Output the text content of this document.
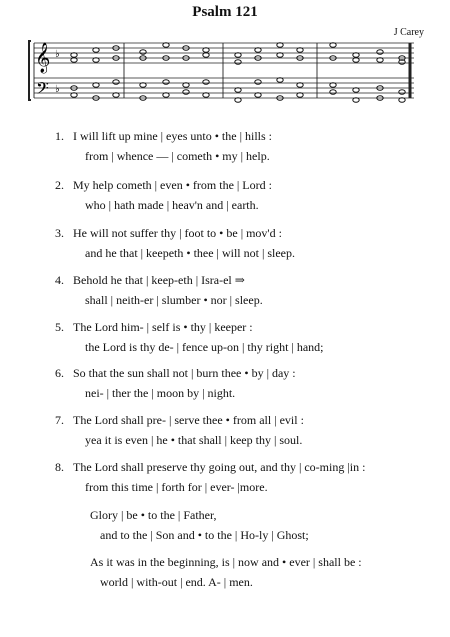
Psalm 121
J Carey
𝄞
𝄢
♭
♭
1. I will lift up mine | eyes unto • the | hills :
from | whence — | cometh • my | help.
2. My help cometh | even • from the | Lord :
who | hath made | heav'n and | earth.
3. He will not suffer thy | foot to • be | mov'd :
and he that | keepeth • thee | will not | sleep.
4. Behold he that | keep-eth | Isra-el ⇒
shall | neith-er | slumber • nor | sleep.
5. The Lord him- | self is • thy | keeper :
the Lord is thy de- | fence up-on | thy right | hand;
6. So that the sun shall not | burn thee • by | day :
nei- | ther the | moon by | night.
7. The Lord shall pre- | serve thee • from all | evil :
yea it is even | he • that shall | keep thy | soul.
8. The Lord shall preserve thy going out, and thy | co-ming |in :
from this time | forth for | ever- |more.
Glory | be • to the | Father,
and to the | Son and • to the | Ho-ly | Ghost;
As it was in the beginning, is | now and • ever | shall be :
world | with-out | end. A- | men.
